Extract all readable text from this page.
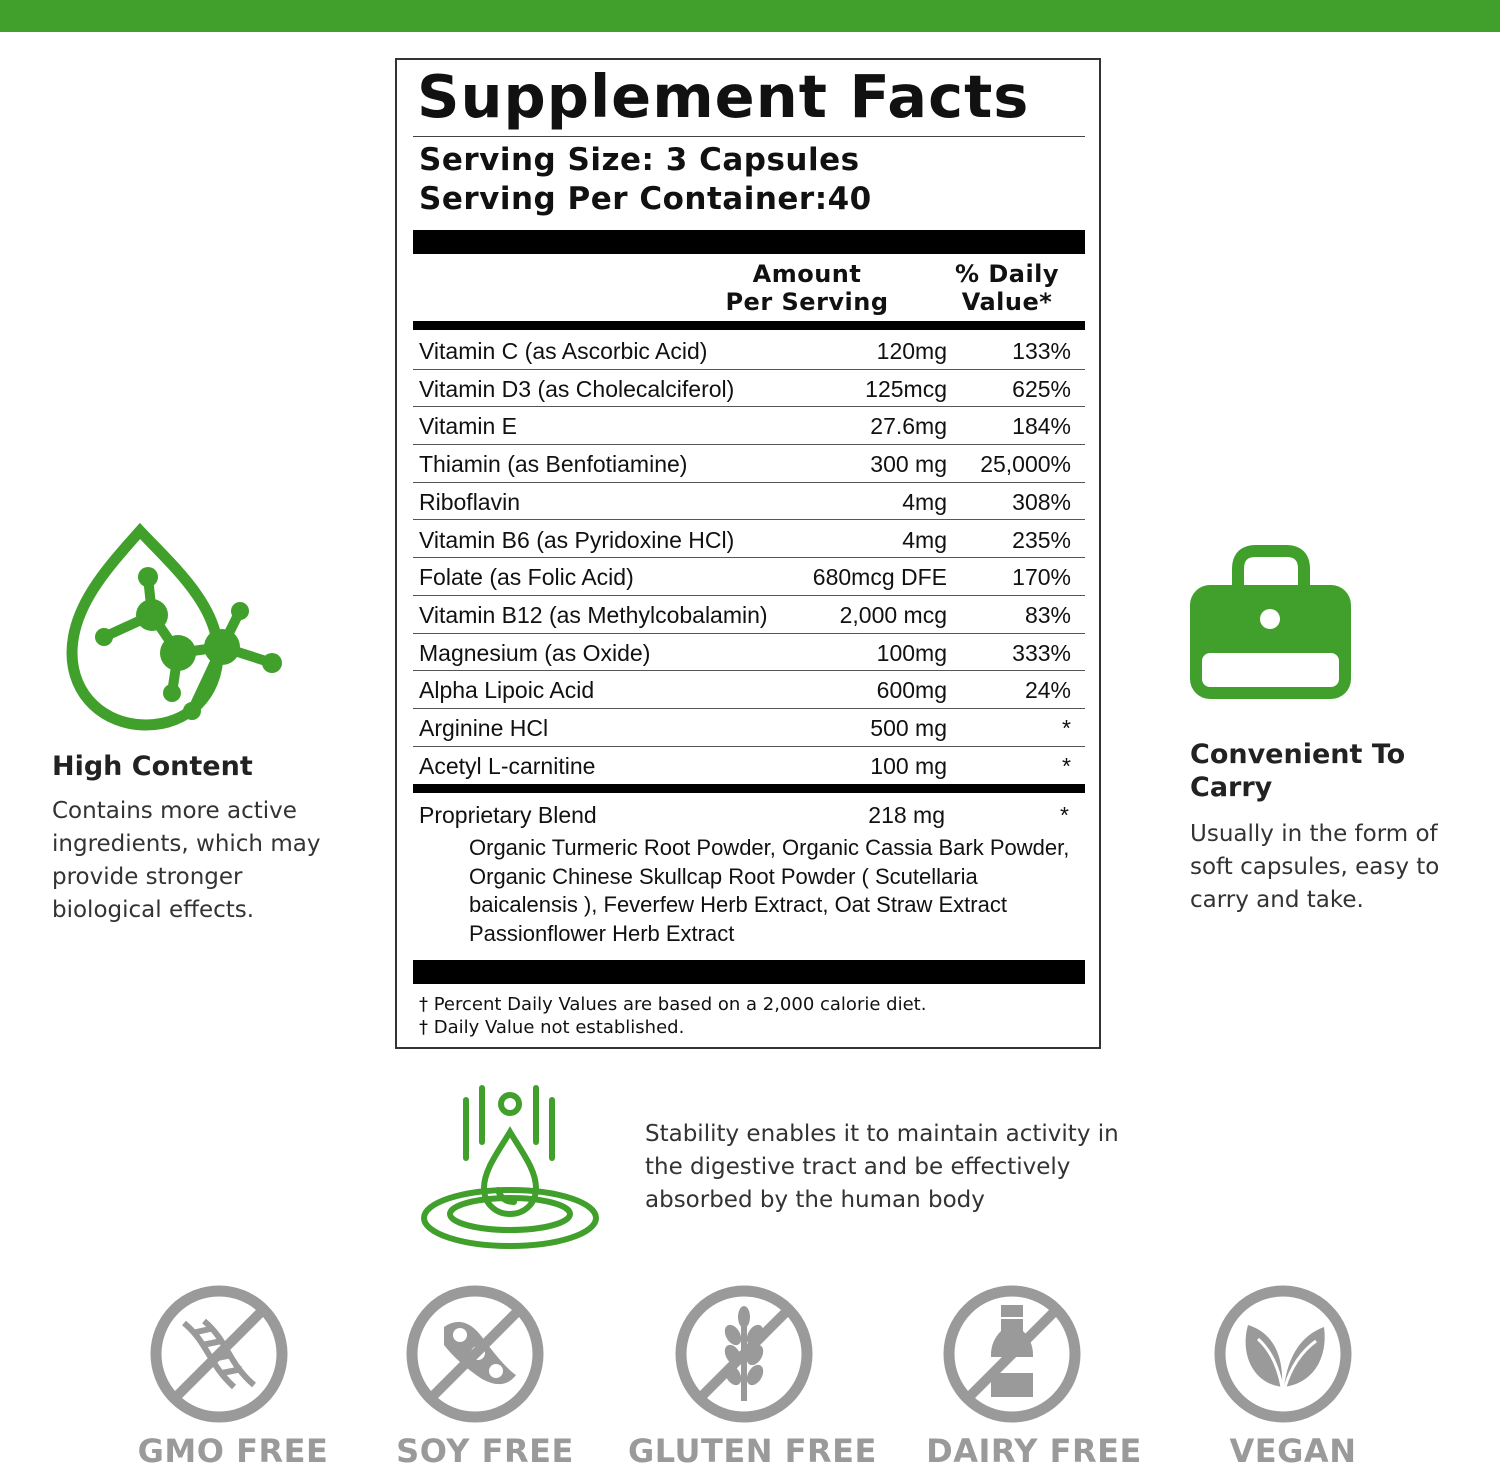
Supplement Facts
Serving Size: 3 Capsules
Serving Per Container:40
Amount
Per Serving
% Daily
Value*
Vitamin C (as Ascorbic Acid)	120mg	133%
Vitamin D3 (as Cholecalciferol)	125mcg	625%
Vitamin E	27.6mg	184%
Thiamin (as Benfotiamine)	300 mg 25,000%
Riboflavin	4mg	308%
Vitamin B6 (as Pyridoxine HCl)	4mg	235%
Folate (as Folic Acid)	680mcg DFE	170%
Vitamin B12 (as Methylcobalamin)	2,000 mcg	83%
Magnesium (as Oxide)	100mg	333%
Alpha Lipoic Acid	600mg	24%
Arginine HCl	500 mg	*
Acetyl L-carnitine	100 mg	*
Proprietary Blend	218 mg	*
Organic Turmeric Root Powder, Organic Cassia Bark Powder, Organic Chinese Skullcap Root Powder ( Scutellaria baicalensis ), Feverfew Herb Extract, Oat Straw Extract Passionflower Herb Extract
† Percent Daily Values are based on a 2,000 calorie diet.
† Daily Value not established.
High Content
Contains more active ingredients, which may provide stronger biological effects.
Convenient To Carry
Usually in the form of soft capsules, easy to carry and take.
Stability enables it to maintain activity in the digestive tract and be effectively absorbed by the human body
GMO FREE	SOY FREE	GLUTEN FREE DAIRY FREE	VEGAN
